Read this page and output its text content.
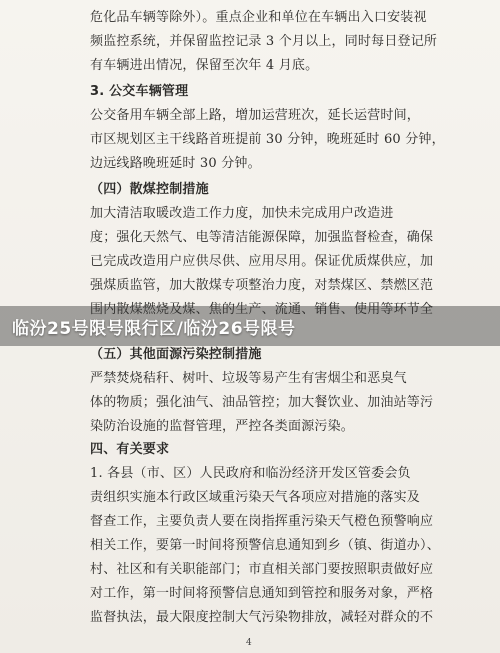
危化品车辆等除外）。重点企业和单位在车辆出入口安装视
频监控系统，并保留监控记录 3 个月以上，同时每日登记所
有车辆进出情况，保留至次年 4 月底。
3. 公交车辆管理
公交备用车辆全部上路，增加运营班次，延长运营时间，
市区规划区主干线路首班提前 30 分钟，晚班延时 60 分钟，
边远线路晚班延时 30 分钟。
（四）散煤控制措施
加大清洁取暖改造工作力度，加快未完成用户改造进
度；强化天然气、电等清洁能源保障，加强监督检查，确保
已完成改造用户应供尽供、应用尽用。保证优质煤供应，加
强煤质监管，加大散煤专项整治力度，对禁煤区、禁燃区范
围内散煤燃烧及煤、焦的生产、流通、销售、使用等环节全
（五）其他面源污染控制措施
严禁焚烧秸秆、树叶、垃圾等易产生有害烟尘和恶臭气
体的物质；强化油气、油品管控；加大餐饮业、加油站等污
染防治设施的监督管理，严控各类面源污染。
四、有关要求
1. 各县（市、区）人民政府和临汾经济开发区管委会负
责组织实施本行政区域重污染天气各项应对措施的落实及
督查工作，主要负责人要在岗指挥重污染天气橙色预警响应
相关工作，要第一时间将预警信息通知到乡（镇、街道办）、
村、社区和有关职能部门；市直相关部门要按照职责做好应
对工作，第一时间将预警信息通知到管控和服务对象，严格
监督执法，最大限度控制大气污染物排放，减轻对群众的不
4
临汾25号限号限行区/临汾26号限号
